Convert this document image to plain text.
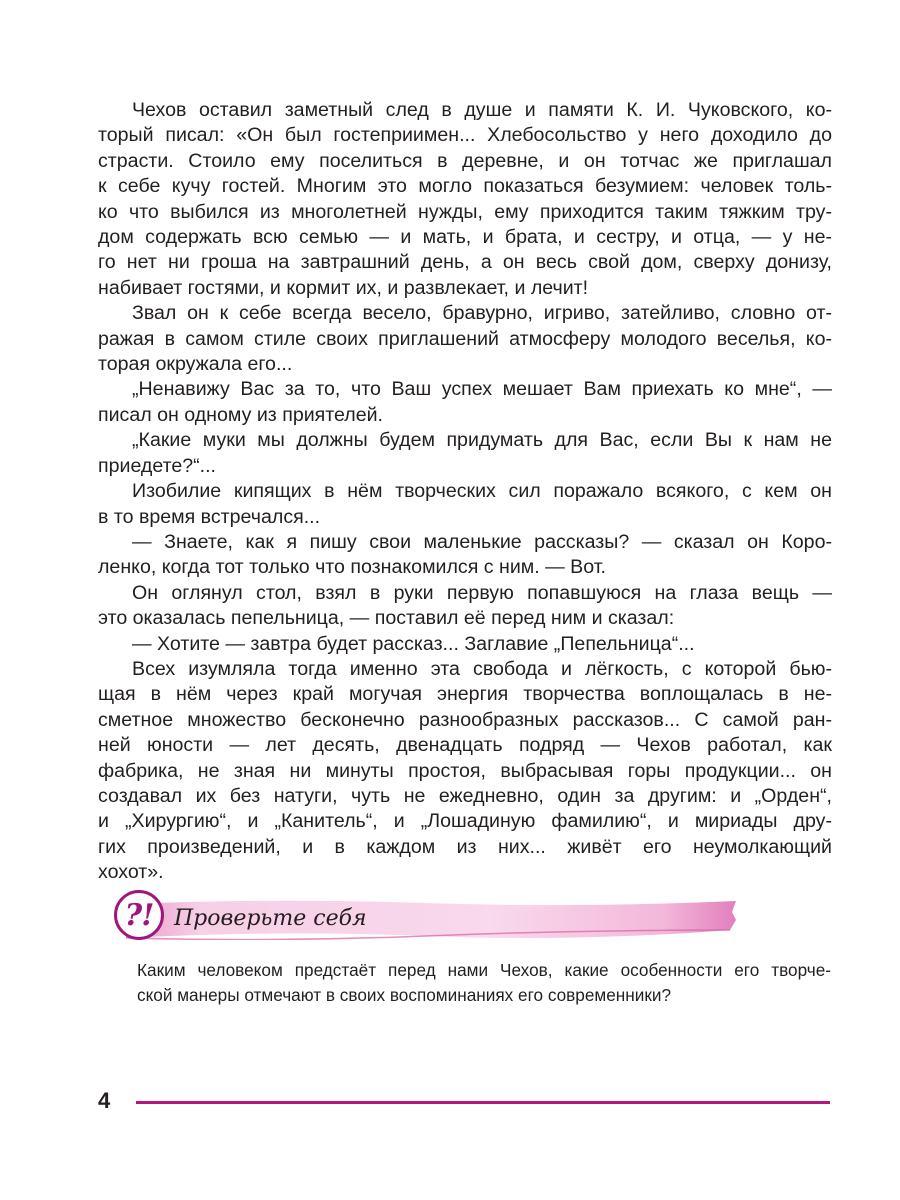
Чехов оставил заметный след в душе и памяти К. И. Чуковского, ко-
торый писал: «Он был гостеприимен... Хлебосольство у него доходило до
страсти. Стоило ему поселиться в деревне, и он тотчас же приглашал
к себе кучу гостей. Многим это могло показаться безумием: человек толь-
ко что выбился из многолетней нужды, ему приходится таким тяжким тру-
дом содержать всю семью — и мать, и брата, и сестру, и отца, — у не-
го нет ни гроша на завтрашний день, а он весь свой дом, сверху донизу,
набивает гостями, и кормит их, и развлекает, и лечит!

Звал он к себе всегда весело, бравурно, игриво, затейливо, словно от-
ражая в самом стиле своих приглашений атмосферу молодого веселья, ко-
торая окружала его...

„Ненавижу Вас за то, что Ваш успех мешает Вам приехать ко мне“, —
писал он одному из приятелей.

„Какие муки мы должны будем придумать для Вас, если Вы к нам не
приедете?“...

Изобилие кипящих в нём творческих сил поражало всякого, с кем он
в то время встречался...

— Знаете, как я пишу свои маленькие рассказы? — сказал он Коро-
ленко, когда тот только что познакомился с ним. — Вот.

Он оглянул стол, взял в руки первую попавшуюся на глаза вещь —
это оказалась пепельница, — поставил её перед ним и сказал:

— Хотите — завтра будет рассказ... Заглавие „Пепельница“...

Всех изумляла тогда именно эта свобода и лёгкость, с которой бью-
щая в нём через край могучая энергия творчества воплощалась в не-
сметное множество бесконечно разнообразных рассказов... С самой ран-
ней юности — лет десять, двенадцать подряд — Чехов работал, как
фабрика, не зная ни минуты простоя, выбрасывая горы продукции... он
создавал их без натуги, чуть не ежедневно, один за другим: и „Орден“,
и „Хирургию“, и „Канитель“, и „Лошадиную фамилию“, и мириады дру-
гих произведений, и в каждом из них... живёт его неумолкающий
хохот».

?! Проверьте себя
Каким человеком предстаёт перед нами Чехов, какие особенности его творче-
ской манеры отмечают в своих воспоминаниях его современники?
4
